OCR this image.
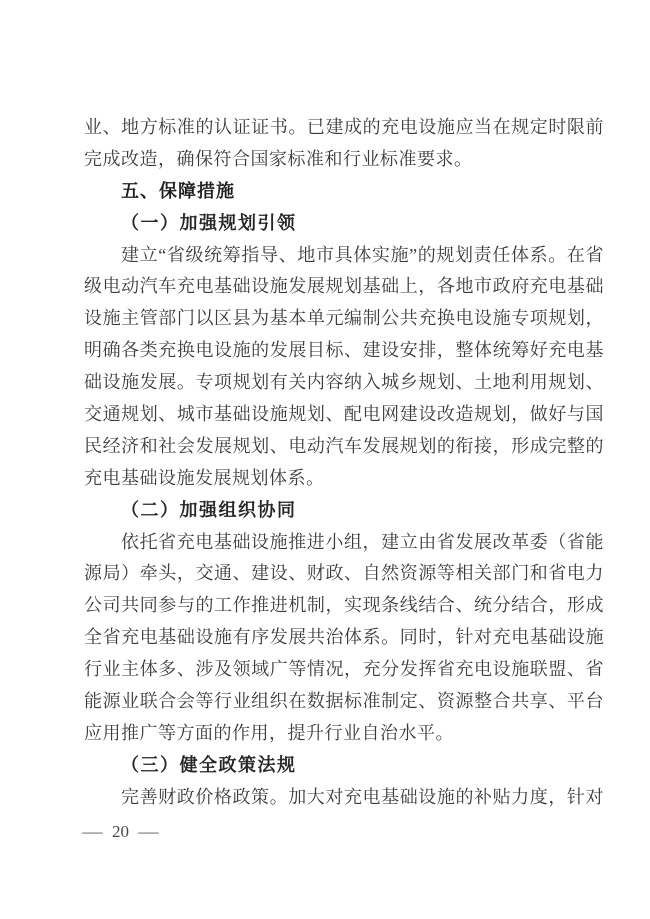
业、地方标准的认证证书。已建成的充电设施应当在规定时限前
完成改造，确保符合国家标准和行业标准要求。
五、保障措施
（一）加强规划引领
建立“省级统筹指导、地市具体实施”的规划责任体系。在省
级电动汽车充电基础设施发展规划基础上，各地市政府充电基础
设施主管部门以区县为基本单元编制公共充换电设施专项规划，
明确各类充换电设施的发展目标、建设安排，整体统筹好充电基
础设施发展。专项规划有关内容纳入城乡规划、土地利用规划、
交通规划、城市基础设施规划、配电网建设改造规划，做好与国
民经济和社会发展规划、电动汽车发展规划的衔接，形成完整的
充电基础设施发展规划体系。
（二）加强组织协同
依托省充电基础设施推进小组，建立由省发展改革委（省能
源局）牵头，交通、建设、财政、自然资源等相关部门和省电力
公司共同参与的工作推进机制，实现条线结合、统分结合，形成
全省充电基础设施有序发展共治体系。同时，针对充电基础设施
行业主体多、涉及领域广等情况，充分发挥省充电设施联盟、省
能源业联合会等行业组织在数据标准制定、资源整合共享、平台
应用推广等方面的作用，提升行业自治水平。
（三）健全政策法规
完善财政价格政策。加大对充电基础设施的补贴力度，针对
— 20 —
